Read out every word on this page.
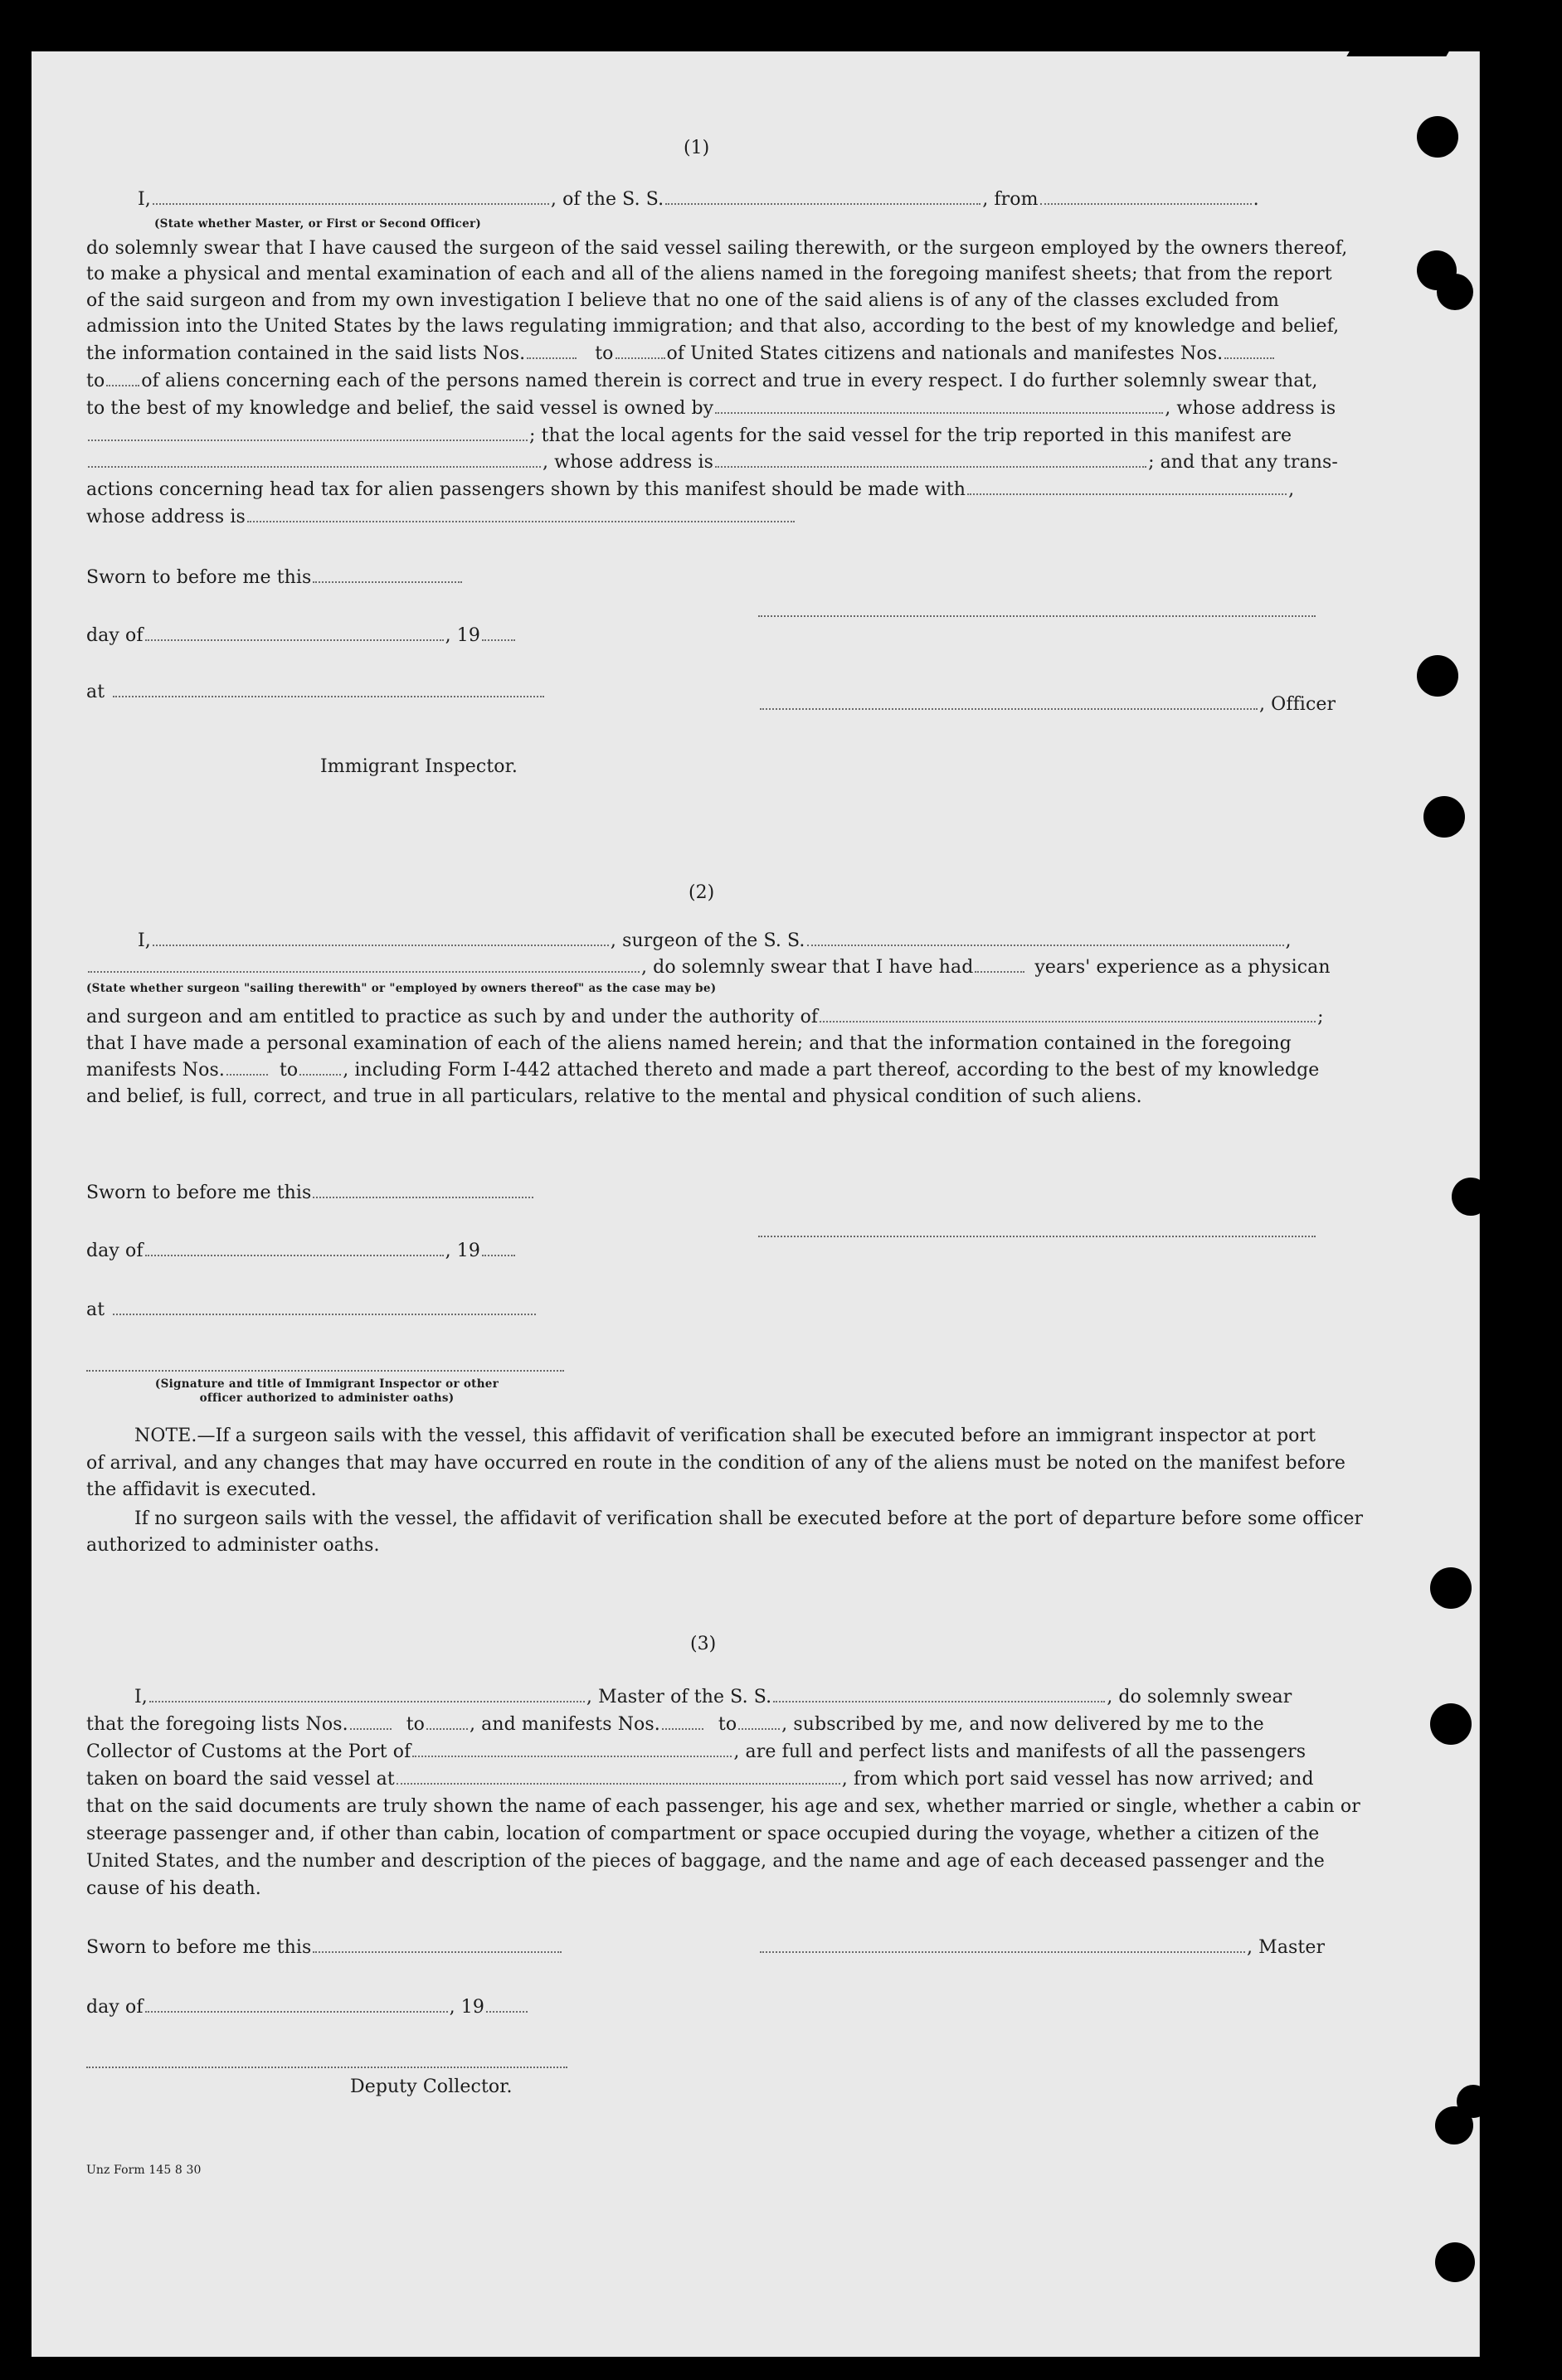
(1)
I,	, of the S. S.	, from	.
(State whether Master, or First or Second Officer)
do solemnly swear that I have caused the surgeon of the said vessel sailing therewith, or the surgeon employed by the owners thereof,
to make a physical and mental examination of each and all of the aliens named in the foregoing manifest sheets; that from the report
of the said surgeon and from my own investigation I believe that no one of the said aliens is of any of the classes excluded from
admission into the United States by the laws regulating immigration; and that also, according to the best of my knowledge and belief,
the information contained in the said lists Nos.	to	of United States citizens and nationals and manifestes Nos.
to of aliens concerning each of the persons named therein is correct and true in every respect. I do further solemnly swear that,
to the best of my knowledge and belief, the said vessel is owned by	, whose address is
; that the local agents for the said vessel for the trip reported in this manifest are
, whose address is	; and that any trans-
actions concerning head tax for alien passengers shown by this manifest should be made with	,
whose address is
Sworn to before me this
day of	, 19
at
, Officer
Immigrant Inspector.
(2)
I,	, surgeon of the S. S.	,
, do solemnly swear that I have had	years' experience as a physican
(State whether surgeon "sailing therewith" or "employed by owners thereof" as the case may be)
and surgeon and am entitled to practice as such by and under the authority of	;
that I have made a personal examination of each of the aliens named herein; and that the information contained in the foregoing
manifests Nos.	to , including Form I-442 attached thereto and made a part thereof, according to the best of my knowledge
and belief, is full, correct, and true in all particulars, relative to the mental and physical condition of such aliens.
Sworn to before me this
day of	, 19
at
(Signature and title of Immigrant Inspector or other
officer authorized to administer oaths)
NOTE.—If a surgeon sails with the vessel, this affidavit of verification shall be executed before an immigrant inspector at port
of arrival, and any changes that may have occurred en route in the condition of any of the aliens must be noted on the manifest before
the affidavit is executed.
If no surgeon sails with the vessel, the affidavit of verification shall be executed before at the port of departure before some officer
authorized to administer oaths.
(3)
I,	, Master of the S. S.	, do solemnly swear
that the foregoing lists Nos.	to , and manifests Nos.	to , subscribed by me, and now delivered by me to the
Collector of Customs at the Port of	, are full and perfect lists and manifests of all the passengers
taken on board the said vessel at	, from which port said vessel has now arrived; and
that on the said documents are truly shown the name of each passenger, his age and sex, whether married or single, whether a cabin or
steerage passenger and, if other than cabin, location of compartment or space occupied during the voyage, whether a citizen of the
United States, and the number and description of the pieces of baggage, and the name and age of each deceased passenger and the
cause of his death.
Sworn to before me this	, Master
day of	, 19
Deputy Collector.
Unz Form 145 8 30
